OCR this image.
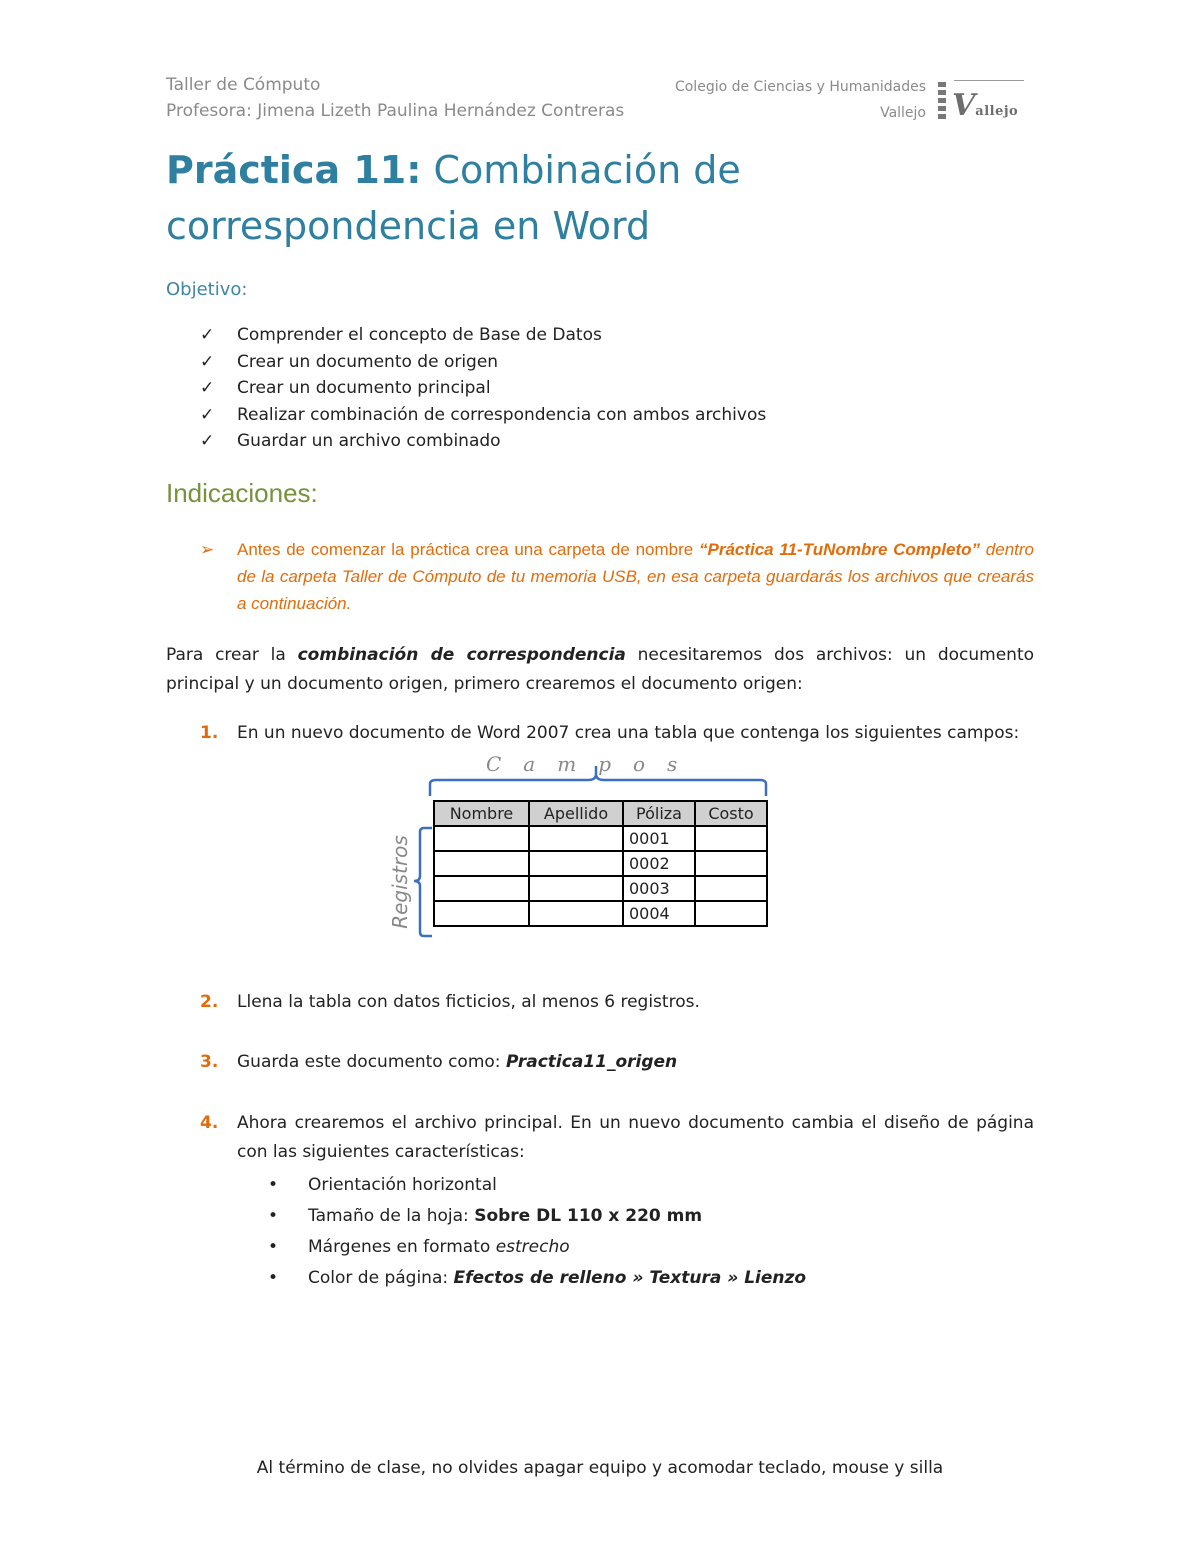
Taller de Cómputo
Profesora: Jimena Lizeth Paulina Hernández Contreras
Colegio de Ciencias y Humanidades
Vallejo Vallejo
Práctica 11: Combinación de correspondencia en Word
Objetivo:
✓ Comprender el concepto de Base de Datos
✓ Crear un documento de origen
✓ Crear un documento principal
✓ Realizar combinación de correspondencia con ambos archivos
✓ Guardar un archivo combinado
Indicaciones:
➢ Antes de comenzar la práctica crea una carpeta de nombre “Práctica 11-TuNombre Completo” dentro de la carpeta Taller de Cómputo de tu memoria USB, en esa carpeta guardarás los archivos que crearás a continuación.

Para crear la combinación de correspondencia necesitaremos dos archivos: un documento principal y un documento origen, primero crearemos el documento origen:
1. En un nuevo documento de Word 2007 crea una tabla que contenga los siguientes campos:
Campos
Registros
Nombre	Apellido	Póliza	Costo
		0001	
		0002	
		0003	
		0004	
2. Llena la tabla con datos ficticios, al menos 6 registros.
3. Guarda este documento como: Practica11_origen
4. Ahora crearemos el archivo principal. En un nuevo documento cambia el diseño de página con las siguientes características:
• Orientación horizontal
• Tamaño de la hoja: Sobre DL 110 x 220 mm
• Márgenes en formato estrecho
• Color de página: Efectos de relleno » Textura » Lienzo
Al término de clase, no olvides apagar equipo y acomodar teclado, mouse y silla
